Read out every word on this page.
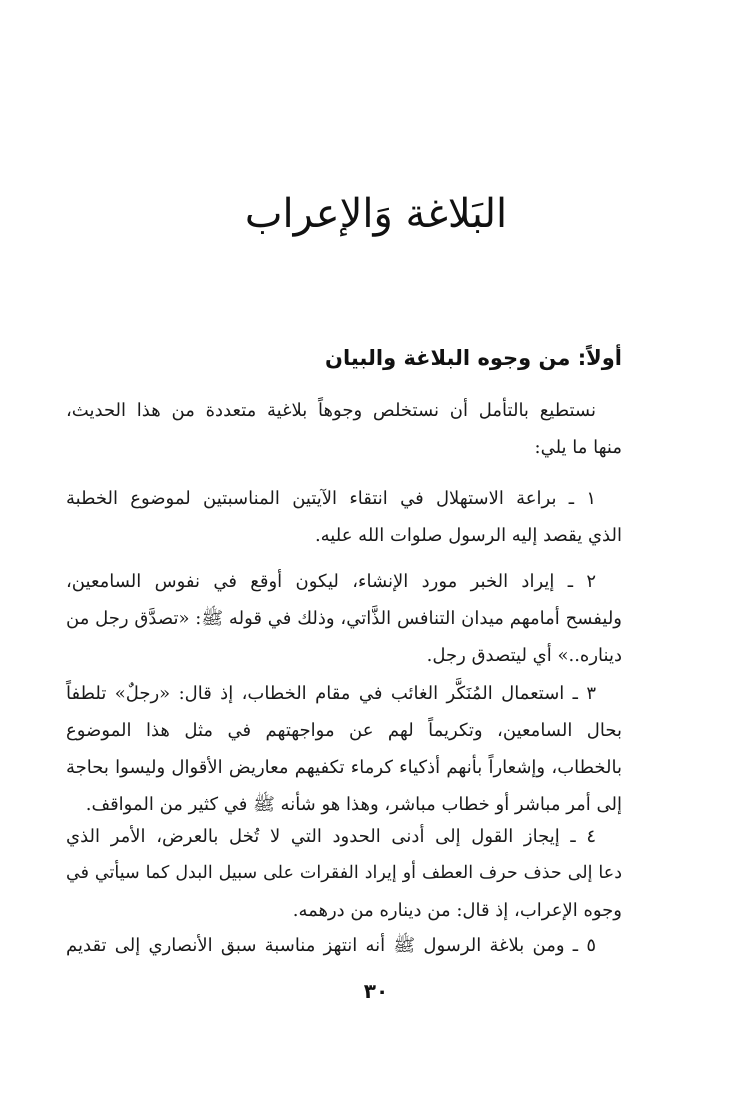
البَلاغة وَالإعراب
أولاً: من وجوه البلاغة والبيان

نستطيع بالتأمل أن نستخلص وجوهاً بلاغية متعددة من هذا الحديث،
منها ما يلي:

١ ـ براعة الاستهلال في انتقاء الآيتين المناسبتين لموضوع الخطبة
الذي يقصد إليه الرسول صلوات الله عليه.

٢ ـ إيراد الخبر مورد الإنشاء، ليكون أوقع في نفوس السامعين،
وليفسح أمامهم ميدان التنافس الذَّاتي، وذلك في قوله ﷺ: «تصدَّق رجل من
ديناره..» أي ليتصدق رجل.

٣ ـ استعمال المُنَكَّر الغائب في مقام الخطاب، إذ قال: «رجلٌ» تلطفاً
بحال السامعين، وتكريماً لهم عن مواجهتهم في مثل هذا الموضوع
بالخطاب، وإشعاراً بأنهم أذكياء كرماء تكفيهم معاريض الأقوال وليسوا بحاجة
إلى أمر مباشر أو خطاب مباشر، وهذا هو شأنه ﷺ في كثير من المواقف.

٤ ـ إيجاز القول إلى أدنى الحدود التي لا تُخل بالعرض، الأمر الذي
دعا إلى حذف حرف العطف أو إيراد الفقرات على سبيل البدل كما سيأتي في
وجوه الإعراب، إذ قال: من ديناره من درهمه.

٥ ـ ومن بلاغة الرسول ﷺ أنه انتهز مناسبة سبق الأنصاري إلى تقديم

٣٠
